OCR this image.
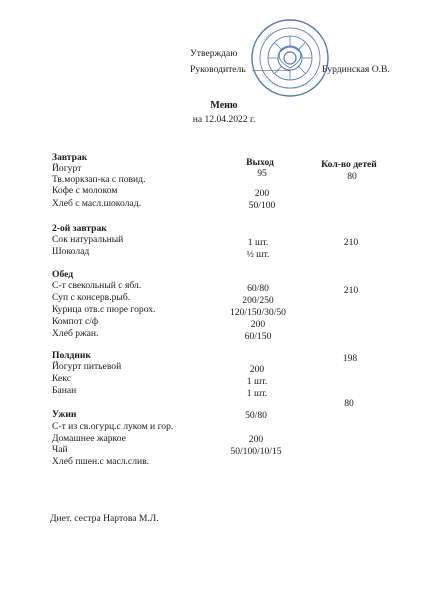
Утверждаю
Руководитель ________	Бурдинская О.В.
Меню
на 12.04.2022 г.
Выход	Кол-во детей
Завтрак
Йогурт
Тв.моркзап-ка с повид.
Кофе с молоком
Хлеб с масл.шоколад.
95
200
50/100
80
2-ой завтрак
Сок натуральный
Шоколад
1 шт.
½ шт.
210
Обед
С-т свекольный с ябл.
Суп с консерв.рыб.
Курица отв.с пюре горох.
Компот с/ф
Хлеб ржан.
60/80
200/250
120/150/30/50
200
60/150
210
Полдник
Йогурт питьевой
Кекс
Банан
200
1 шт.
1 шт.
198
Ужин
С-т из св.огурц.с луком и гор.
Домашнее жаркое
Чай
Хлеб пшен.с масл.слив.
50/80
200
50/100/10/15
80
Диет. сестра Нартова М.Л.
